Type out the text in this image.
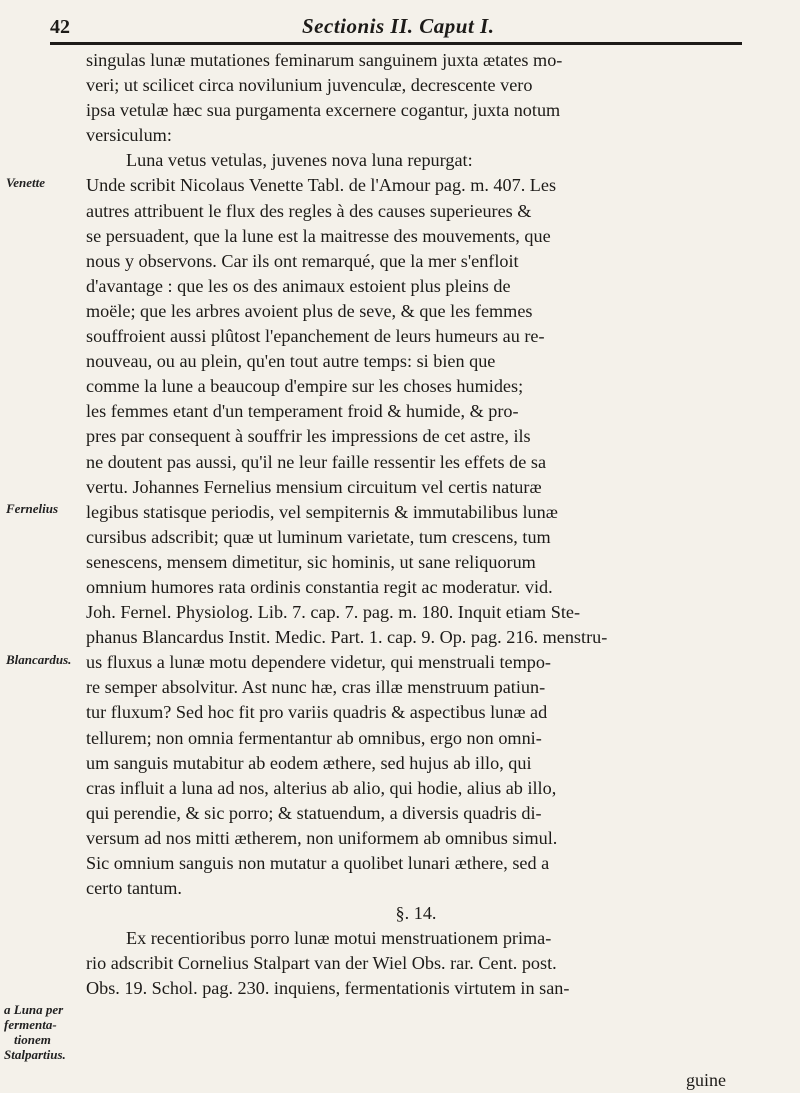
42	Sectionis II. Caput I.
singulas lunæ mutationes feminarum sanguinem juxta ætates mo-
veri; ut scilicet circa novilunium juvenculæ, decrescente vero
ipsa vetulæ hæc sua purgamenta excernere cogantur, juxta notum
versiculum:
Luna vetus vetulas, juvenes nova luna repurgat:
Unde scribit Nicolaus Venette Tabl. de l'Amour pag. m. 407. Les
autres attribuent le flux des regles à des causes superieures &
se persuadent, que la lune est la maitresse des mouvements, que
nous y observons. Car ils ont remarqué, que la mer s'enfloit
d'avantage : que les os des animaux estoient plus pleins de
moële; que les arbres avoient plus de seve, & que les femmes
souffroient aussi plûtost l'epanchement de leurs humeurs au re-
nouveau, ou au plein, qu'en tout autre temps: si bien que
comme la lune a beaucoup d'empire sur les choses humides;
les femmes etant d'un temperament froid & humide, & pro-
pres par consequent à souffrir les impressions de cet astre, ils
ne doutent pas aussi, qu'il ne leur faille ressentir les effets de sa
vertu. Johannes Fernelius mensium circuitum vel certis naturæ
legibus statisque periodis, vel sempiternis & immutabilibus lunæ
cursibus adscribit; quæ ut luminum varietate, tum crescens, tum
senescens, mensem dimetitur, sic hominis, ut sane reliquorum
omnium humores rata ordinis constantia regit ac moderatur. vid.
Joh. Fernel. Physiolog. Lib. 7. cap. 7. pag. m. 180. Inquit etiam Ste-
phanus Blancardus Instit. Medic. Part. 1. cap. 9. Op. pag. 216. menstru-
us fluxus a lunæ motu dependere videtur, qui menstruali tempo-
re semper absolvitur. Ast nunc hæ, cras illæ menstruum patiun-
tur fluxum? Sed hoc fit pro variis quadris & aspectibus lunæ ad
tellurem; non omnia fermentantur ab omnibus, ergo non omni-
um sanguis mutabitur ab eodem æthere, sed hujus ab illo, qui
cras influit a luna ad nos, alterius ab alio, qui hodie, alius ab illo,
qui perendie, & sic porro; & statuendum, a diversis quadris di-
versum ad nos mitti ætherem, non uniformem ab omnibus simul.
Sic omnium sanguis non mutatur a quolibet lunari æthere, sed a
certo tantum.
§. 14.
Ex recentioribus porro lunæ motui menstruationem prima-
rio adscribit Cornelius Stalpart van der Wiel Obs. rar. Cent. post.
Obs. 19. Schol. pag. 230. inquiens, fermentationis virtutem in san-
Venette
Fernelius
Blancardus.
a Luna per
fermenta-
tionem
Stalpartius.
guine
